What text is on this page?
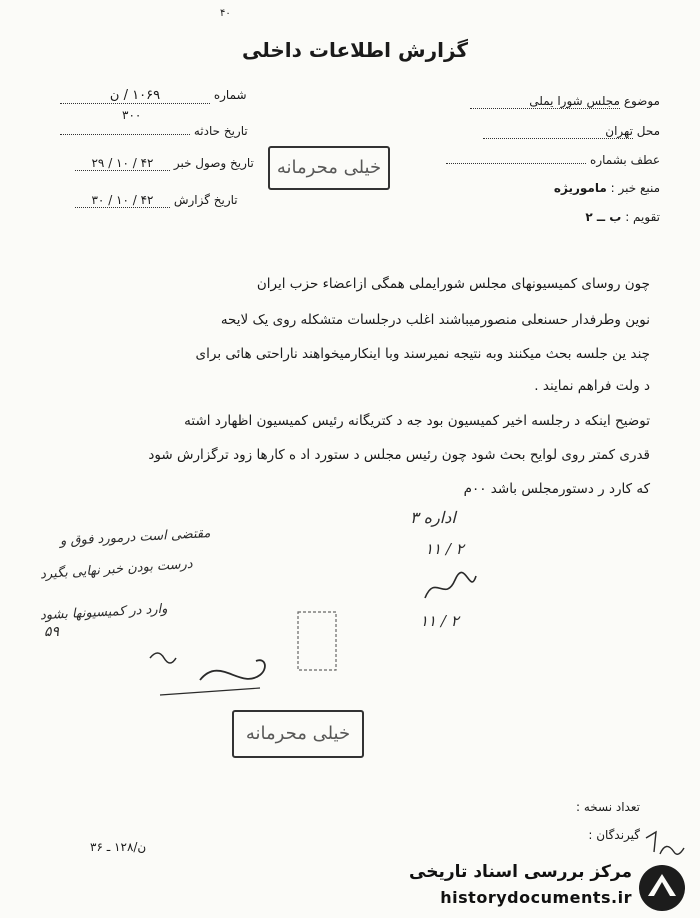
۴۰
گزارش اطلاعات داخلی
موضوع مجلس شورا یملی
محل تهران
عطف بشماره
منبع خبر : ماموریژه
تقویم : ب ــ ۲
شماره ۱۰۶۹ / ن
۳۰۰
تاریخ حادثه
تاریخ وصول خبر ۴۲ / ۱۰ / ۲۹
تاریخ گزارش ۴۲ / ۱۰ / ۳۰
خیلی محرمانه
چون روسای کمیسیونهای مجلس شورایملی همگی ازاعضاء حزب ایران
نوین وطرفدار حسنعلی منصورمیباشند اغلب درجلسات متشکله روی یک لایحه
چند ین جلسه بحث میکنند وبه نتیجه نمیرسند وبا اینکارمیخواهند ناراحتی هائی برای
د ولت فراهم نمایند .
توضیح اینکه د رجلسه اخیر کمیسیون بود جه د کتریگانه رئیس کمیسیون اظهارد اشته
قدری کمتر روی لوایح بحث شود چون رئیس مجلس د ستورد اد ه کارها زود ترگزارش شود
که کارد ر دستورمجلس باشد ۰۰م
اداره ۳
۱۱ / ۲
۱۱ / ۲
مقتضی است درمورد فوق و
درست بودن خبر نهایی بگیرد
وارد در کمیسیونها بشود
۵۹
خیلی محرمانه
تعداد نسخه :
گیرندگان :
ن/۱۲۸ ـ ۳۶
مرکز بررسی اسناد تاریخی
historydocuments.ir
